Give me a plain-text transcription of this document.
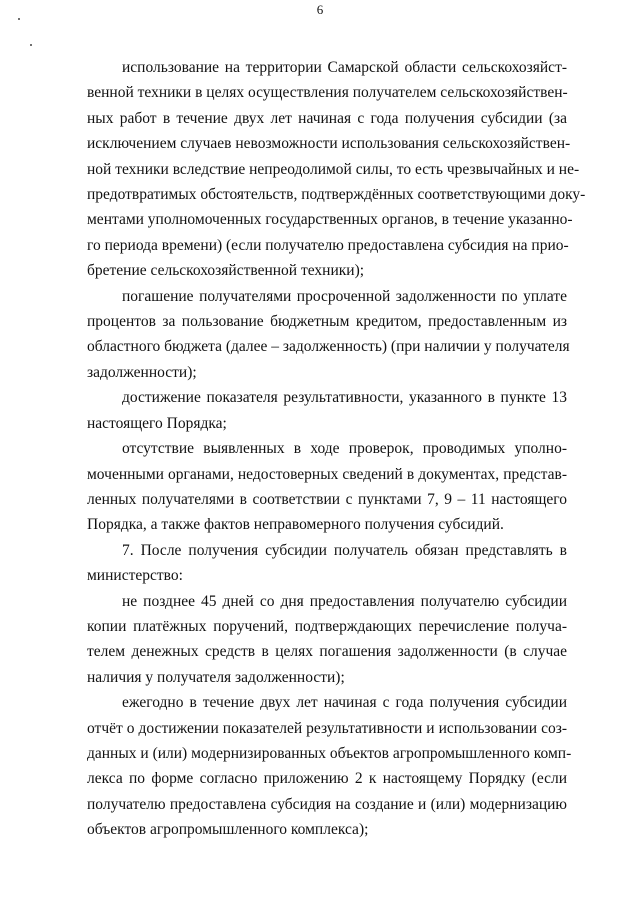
6

использование на территории Самарской области сельскохозяйст-
венной техники в целях осуществления получателем сельскохозяйствен-
ных работ в течение двух лет начиная с года получения субсидии (за
исключением случаев невозможности использования сельскохозяйствен-
ной техники вследствие непреодолимой силы, то есть чрезвычайных и не-
предотвратимых обстоятельств, подтверждённых соответствующими доку-
ментами уполномоченных государственных органов, в течение указанно-
го периода времени) (если получателю предоставлена субсидия на прио-
бретение сельскохозяйственной техники);

погашение получателями просроченной задолженности по уплате
процентов за пользование бюджетным кредитом, предоставленным из
областного бюджета (далее – задолженность) (при наличии у получателя
задолженности);

достижение показателя результативности, указанного в пункте 13
настоящего Порядка;

отсутствие выявленных в ходе проверок, проводимых уполно-
моченными органами, недостоверных сведений в документах, представ-
ленных получателями в соответствии с пунктами 7, 9 – 11 настоящего
Порядка, а также фактов неправомерного получения субсидий.

7. После получения субсидии получатель обязан представлять в
министерство:

не позднее 45 дней со дня предоставления получателю субсидии
копии платёжных поручений, подтверждающих перечисление получа-
телем денежных средств в целях погашения задолженности (в случае
наличия у получателя задолженности);

ежегодно в течение двух лет начиная с года получения субсидии
отчёт о достижении показателей результативности и использовании соз-
данных и (или) модернизированных объектов агропромышленного комп-
лекса по форме согласно приложению 2 к настоящему Порядку (если
получателю предоставлена субсидия на создание и (или) модернизацию
объектов агропромышленного комплекса);
